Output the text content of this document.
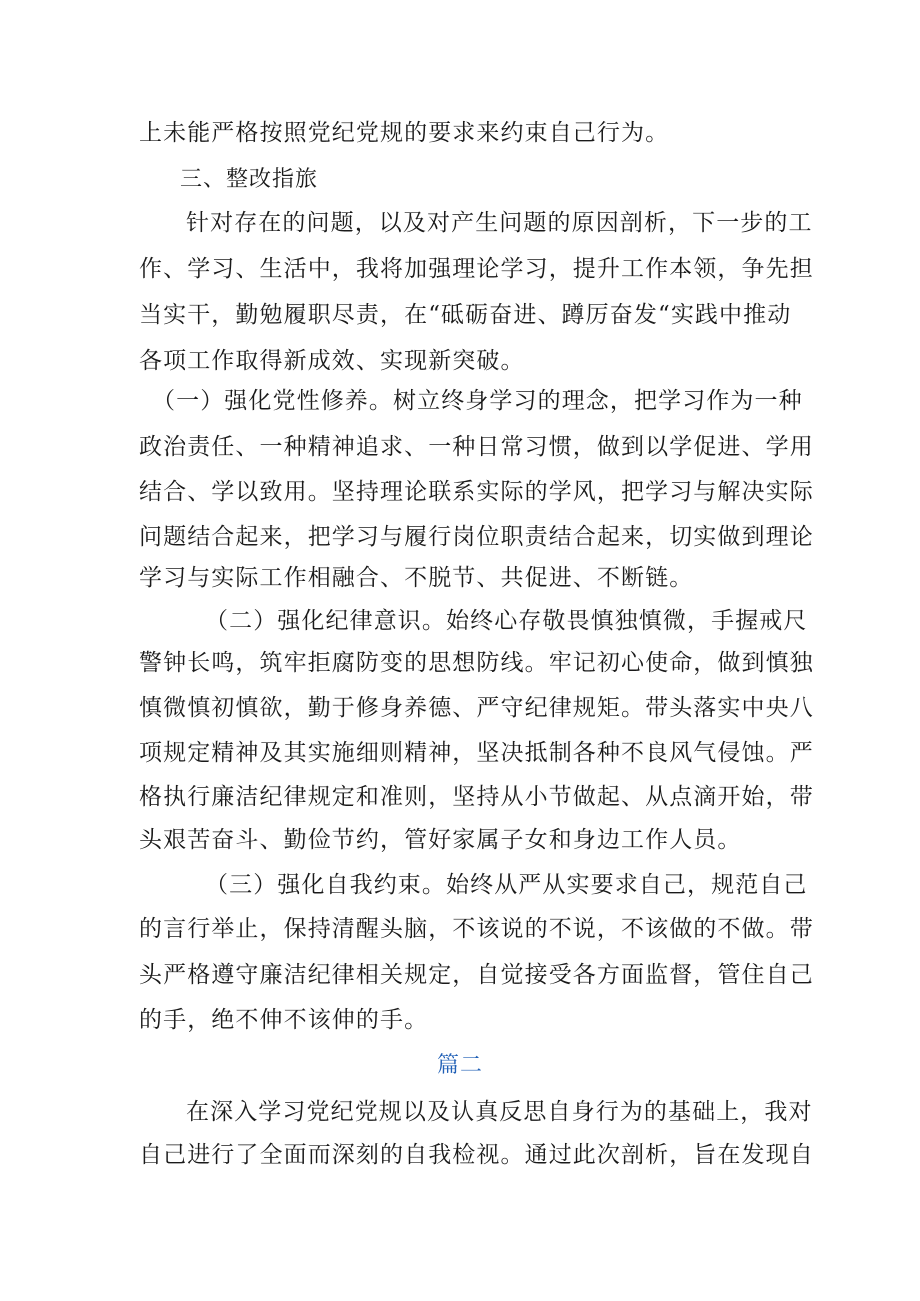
上未能严格按照党纪党规的要求来约束自己行为。
三、整改指旅
针对存在的问题，以及对产生问题的原因剖析，下一步的工
作、学习、生活中，我将加强理论学习，提升工作本领，争先担
当实干，勤勉履职尽责，在“砥砺奋进、蹲厉奋发“实践中推动
各项工作取得新成效、实现新突破。
（一）强化党性修养。树立终身学习的理念，把学习作为一种
政治责任、一种精神追求、一种日常习惯，做到以学促进、学用
结合、学以致用。坚持理论联系实际的学风，把学习与解决实际
问题结合起来，把学习与履行岗位职责结合起来，切实做到理论
学习与实际工作相融合、不脱节、共促进、不断链。
（二）强化纪律意识。始终心存敬畏慎独慎微，手握戒尺
警钟长鸣，筑牢拒腐防变的思想防线。牢记初心使命，做到慎独
慎微慎初慎欲，勤于修身养德、严守纪律规矩。带头落实中央八
项规定精神及其实施细则精神，坚决抵制各种不良风气侵蚀。严
格执行廉洁纪律规定和准则，坚持从小节做起、从点滴开始，带
头艰苦奋斗、勤俭节约，管好家属子女和身边工作人员。
（三）强化自我约束。始终从严从实要求自己，规范自己
的言行举止，保持清醒头脑，不该说的不说，不该做的不做。带
头严格遵守廉洁纪律相关规定，自觉接受各方面监督，管住自己
的手，绝不伸不该伸的手。
篇二
在深入学习党纪党规以及认真反思自身行为的基础上，我对
自己进行了全面而深刻的自我检视。通过此次剖析，旨在发现自
